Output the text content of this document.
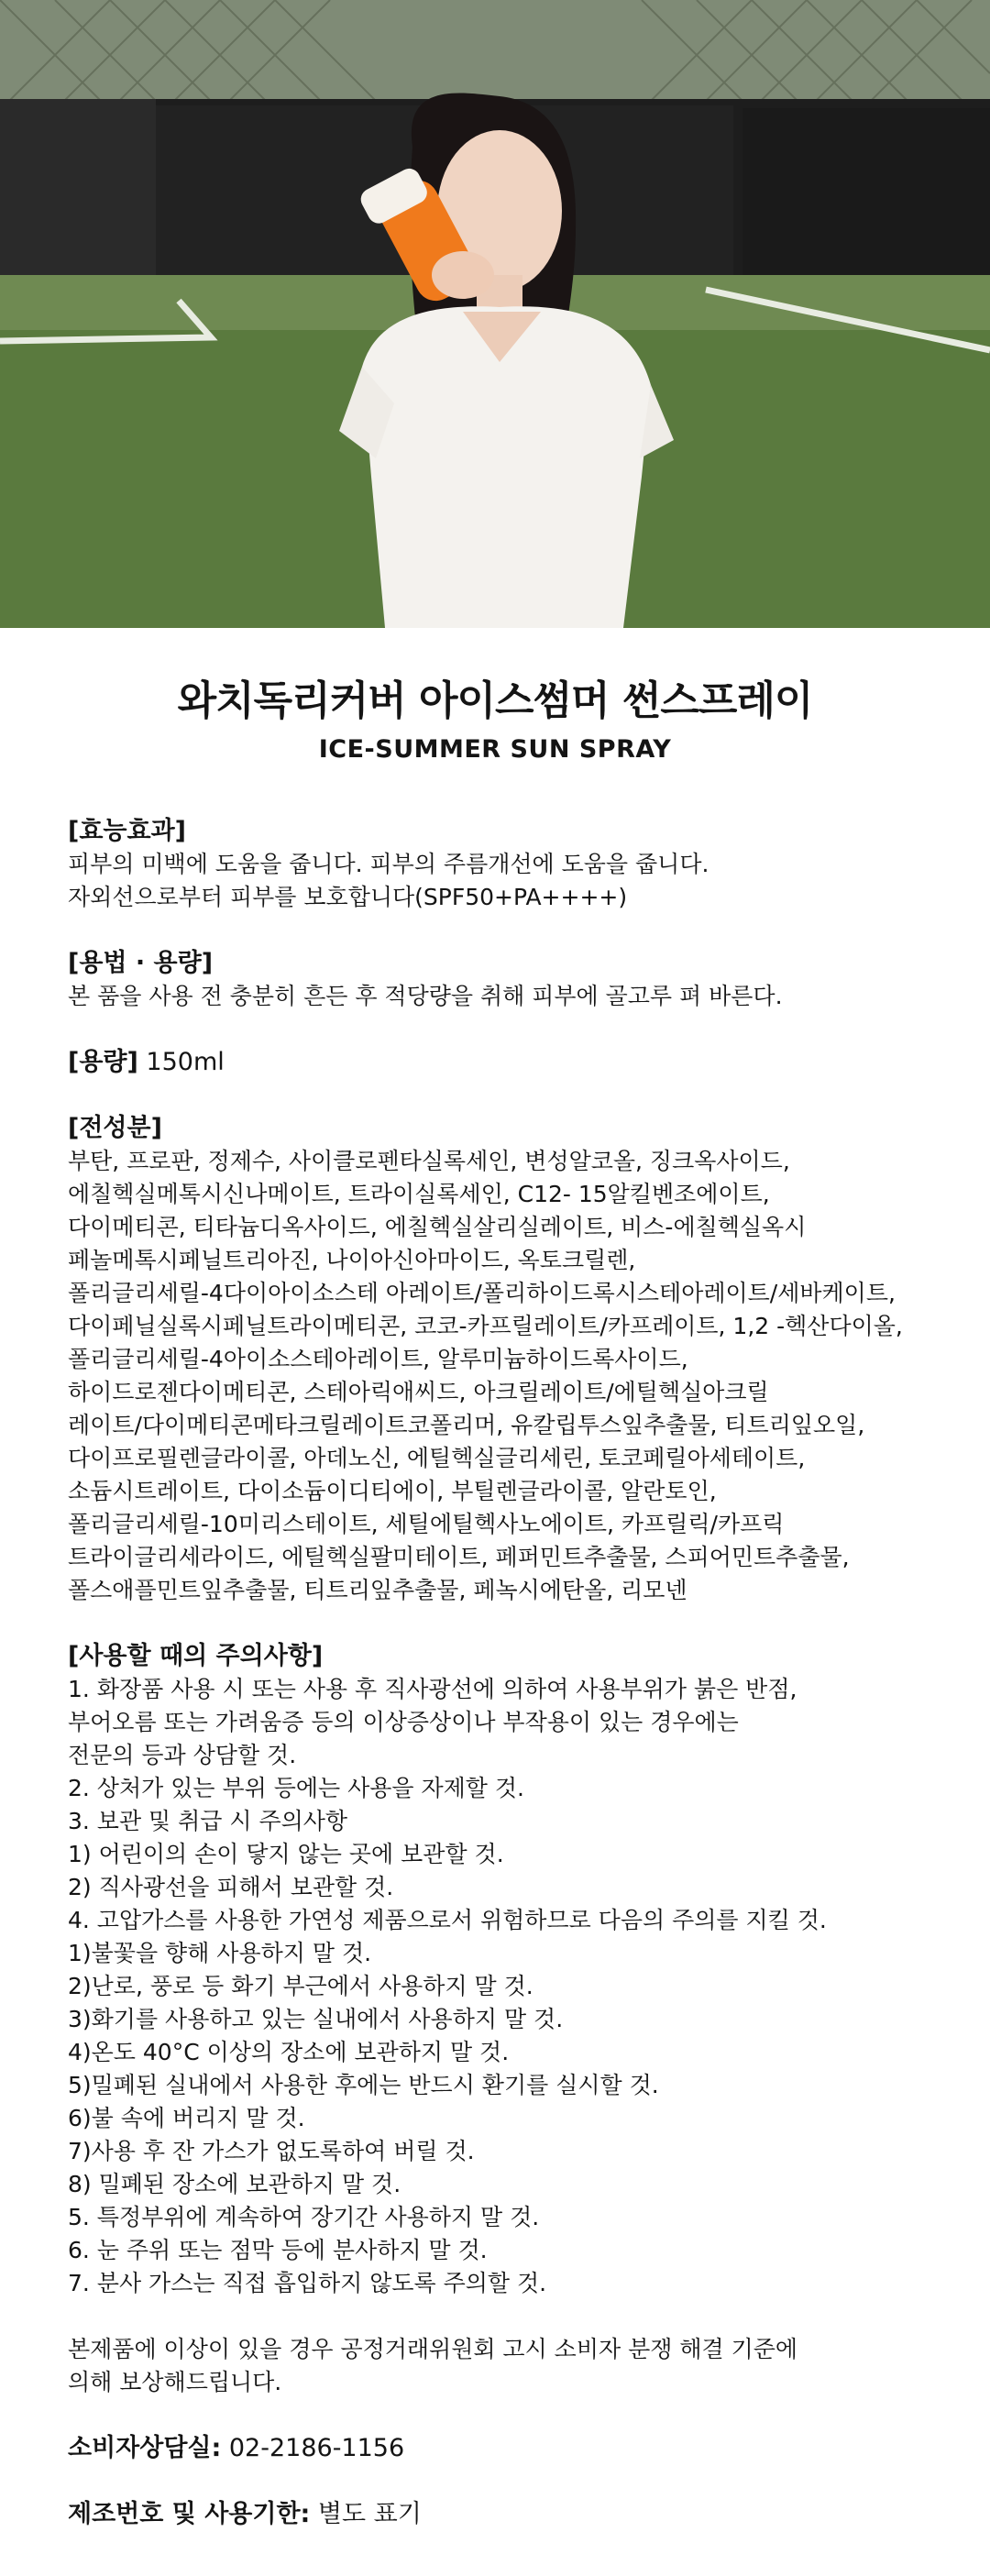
와치독리커버 아이스썸머 썬스프레이
ICE-SUMMER SUN SPRAY
[효능효과]
피부의 미백에 도움을 줍니다. 피부의 주름개선에 도움을 줍니다.
자외선으로부터 피부를 보호합니다(SPF50+PA++++)
[용법 · 용량]
본 품을 사용 전 충분히 흔든 후 적당량을 취해 피부에 골고루 펴 바른다.
[용량] 150ml
[전성분]
부탄, 프로판, 정제수, 사이클로펜타실록세인, 변성알코올, 징크옥사이드,
에칠헥실메톡시신나메이트, 트라이실록세인, C12- 15알킬벤조에이트,
다이메티콘, 티타늄디옥사이드, 에칠헥실살리실레이트, 비스-에칠헥실옥시
페놀메톡시페닐트리아진, 나이아신아마이드, 옥토크릴렌,
폴리글리세릴-4다이아이소스테 아레이트/폴리하이드록시스테아레이트/세바케이트,
다이페닐실록시페닐트라이메티콘, 코코-카프릴레이트/카프레이트, 1,2 -헥산다이올,
폴리글리세릴-4아이소스테아레이트, 알루미늄하이드록사이드,
하이드로젠다이메티콘, 스테아릭애씨드, 아크릴레이트/에틸헥실아크릴
레이트/다이메티콘메타크릴레이트코폴리머, 유칼립투스잎추출물, 티트리잎오일,
다이프로필렌글라이콜, 아데노신, 에틸헥실글리세린, 토코페릴아세테이트,
소듐시트레이트, 다이소듐이디티에이, 부틸렌글라이콜, 알란토인,
폴리글리세릴-10미리스테이트, 세틸에틸헥사노에이트, 카프릴릭/카프릭
트라이글리세라이드, 에틸헥실팔미테이트, 페퍼민트추출물, 스피어민트추출물,
폴스애플민트잎추출물, 티트리잎추출물, 페녹시에탄올, 리모넨
[사용할 때의 주의사항]
1. 화장품 사용 시 또는 사용 후 직사광선에 의하여 사용부위가 붉은 반점,
부어오름 또는 가려움증 등의 이상증상이나 부작용이 있는 경우에는
전문의 등과 상담할 것.
2. 상처가 있는 부위 등에는 사용을 자제할 것.
3. 보관 및 취급 시 주의사항
1) 어린이의 손이 닿지 않는 곳에 보관할 것.
2) 직사광선을 피해서 보관할 것.
4. 고압가스를 사용한 가연성 제품으로서 위험하므로 다음의 주의를 지킬 것.
1)불꽃을 향해 사용하지 말 것.
2)난로, 풍로 등 화기 부근에서 사용하지 말 것.
3)화기를 사용하고 있는 실내에서 사용하지 말 것.
4)온도 40°C 이상의 장소에 보관하지 말 것.
5)밀폐된 실내에서 사용한 후에는 반드시 환기를 실시할 것.
6)불 속에 버리지 말 것.
7)사용 후 잔 가스가 없도록하여 버릴 것.
8) 밀폐된 장소에 보관하지 말 것.
5. 특정부위에 계속하여 장기간 사용하지 말 것.
6. 눈 주위 또는 점막 등에 분사하지 말 것.
7. 분사 가스는 직접 흡입하지 않도록 주의할 것.
본제품에 이상이 있을 경우 공정거래위원회 고시 소비자 분쟁 해결 기준에
의해 보상해드립니다.
소비자상담실: 02-2186-1156
제조번호 및 사용기한: 별도 표기
